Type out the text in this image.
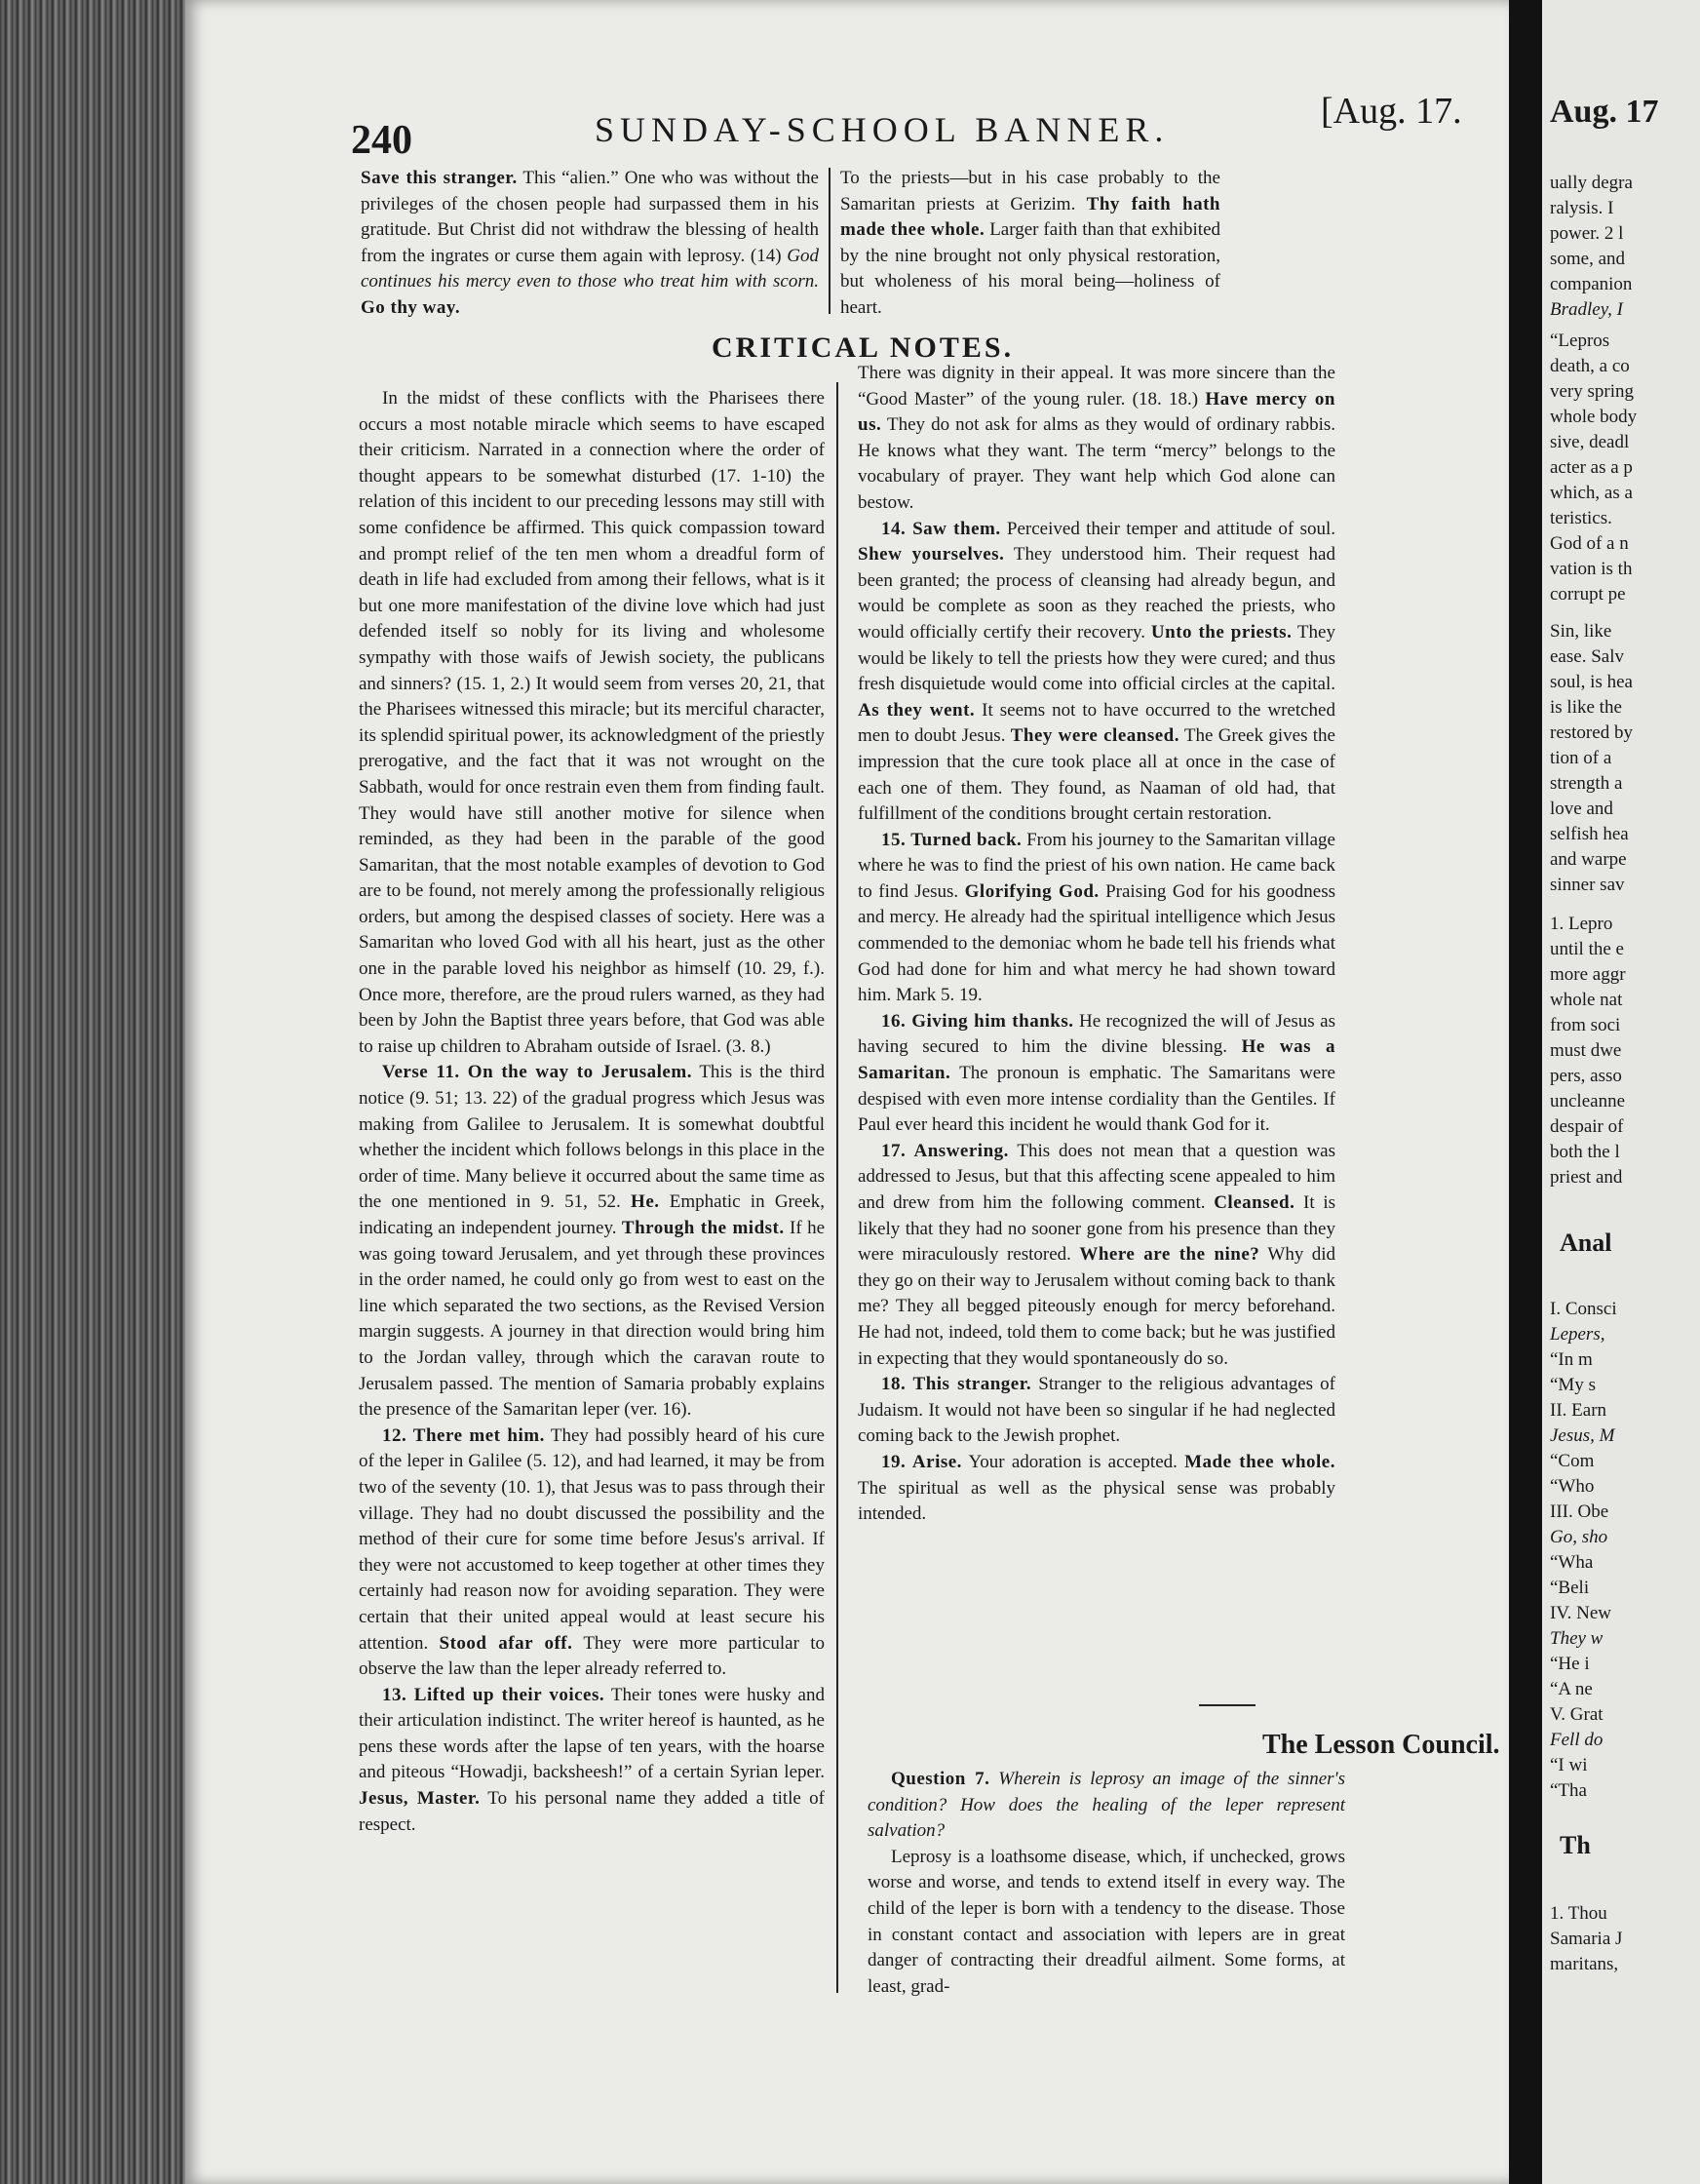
240	SUNDAY-SCHOOL BANNER.	[Aug. 17.

Save this stranger. This “alien.” One who was without the privileges of the chosen people had surpassed them in his gratitude. But Christ did not withdraw the blessing of health from the ingrates or curse them again with leprosy. (14) God continues his mercy even to those who treat him with scorn. Go thy way.

To the priests—but in his case probably to the Samaritan priests at Gerizim. Thy faith hath made thee whole. Larger faith than that exhibited by the nine brought not only physical restoration, but wholeness of his moral being—holiness of heart.

CRITICAL NOTES.

In the midst of these conflicts with the Pharisees there occurs a most notable miracle which seems to have escaped their criticism. Narrated in a connection where the order of thought appears to be somewhat disturbed (17. 1-10) the relation of this incident to our preceding lessons may still with some confidence be affirmed. This quick compassion toward and prompt relief of the ten men whom a dreadful form of death in life had excluded from among their fellows, what is it but one more manifestation of the divine love which had just defended itself so nobly for its living and wholesome sympathy with those waifs of Jewish society, the publicans and sinners? (15. 1, 2.) It would seem from verses 20, 21, that the Pharisees witnessed this miracle; but its merciful character, its splendid spiritual power, its acknowledgment of the priestly prerogative, and the fact that it was not wrought on the Sabbath, would for once restrain even them from finding fault. They would have still another motive for silence when reminded, as they had been in the parable of the good Samaritan, that the most notable examples of devotion to God are to be found, not merely among the professionally religious orders, but among the despised classes of society. Here was a Samaritan who loved God with all his heart, just as the other one in the parable loved his neighbor as himself (10. 29, f.). Once more, therefore, are the proud rulers warned, as they had been by John the Baptist three years before, that God was able to raise up children to Abraham outside of Israel. (3. 8.)

Verse 11. On the way to Jerusalem. This is the third notice (9. 51; 13. 22) of the gradual progress which Jesus was making from Galilee to Jerusalem. It is somewhat doubtful whether the incident which follows belongs in this place in the order of time. Many believe it occurred about the same time as the one mentioned in 9. 51, 52. He. Emphatic in Greek, indicating an independent journey. Through the midst. If he was going toward Jerusalem, and yet through these provinces in the order named, he could only go from west to east on the line which separated the two sections, as the Revised Version margin suggests. A journey in that direction would bring him to the Jordan valley, through which the caravan route to Jerusalem passed. The mention of Samaria probably explains the presence of the Samaritan leper (ver. 16).

12. There met him. They had possibly heard of his cure of the leper in Galilee (5. 12), and had learned, it may be from two of the seventy (10. 1), that Jesus was to pass through their village. They had no doubt discussed the possibility and the method of their cure for some time before Jesus's arrival. If they were not accustomed to keep together at other times they certainly had reason now for avoiding separation. They were certain that their united appeal would at least secure his attention. Stood afar off. They were more particular to observe the law than the leper already referred to.

13. Lifted up their voices. Their tones were husky and their articulation indistinct. The writer hereof is haunted, as he pens these words after the lapse of ten years, with the hoarse and piteous “Howadji, backsheesh!” of a certain Syrian leper. Jesus, Master. To his personal name they added a title of respect.

There was dignity in their appeal. It was more sincere than the “Good Master” of the young ruler. (18. 18.) Have mercy on us. They do not ask for alms as they would of ordinary rabbis. He knows what they want. The term “mercy” belongs to the vocabulary of prayer. They want help which God alone can bestow.

14. Saw them. Perceived their temper and attitude of soul. Shew yourselves. They understood him. Their request had been granted; the process of cleansing had already begun, and would be complete as soon as they reached the priests, who would officially certify their recovery. Unto the priests. They would be likely to tell the priests how they were cured; and thus fresh disquietude would come into official circles at the capital. As they went. It seems not to have occurred to the wretched men to doubt Jesus. They were cleansed. The Greek gives the impression that the cure took place all at once in the case of each one of them. They found, as Naaman of old had, that fulfillment of the conditions brought certain restoration.

15. Turned back. From his journey to the Samaritan village where he was to find the priest of his own nation. He came back to find Jesus. Glorifying God. Praising God for his goodness and mercy. He already had the spiritual intelligence which Jesus commended to the demoniac whom he bade tell his friends what God had done for him and what mercy he had shown toward him. Mark 5. 19.

16. Giving him thanks. He recognized the will of Jesus as having secured to him the divine blessing. He was a Samaritan. The pronoun is emphatic. The Samaritans were despised with even more intense cordiality than the Gentiles. If Paul ever heard this incident he would thank God for it.

17. Answering. This does not mean that a question was addressed to Jesus, but that this affecting scene appealed to him and drew from him the following comment. Cleansed. It is likely that they had no sooner gone from his presence than they were miraculously restored. Where are the nine? Why did they go on their way to Jerusalem without coming back to thank me? They all begged piteously enough for mercy beforehand. He had not, indeed, told them to come back; but he was justified in expecting that they would spontaneously do so.

18. This stranger. Stranger to the religious advantages of Judaism. It would not have been so singular if he had neglected coming back to the Jewish prophet.

19. Arise. Your adoration is accepted. Made thee whole. The spiritual as well as the physical sense was probably intended.

The Lesson Council.

Question 7. Wherein is leprosy an image of the sinner's condition? How does the healing of the leper represent salvation?

Leprosy is a loathsome disease, which, if unchecked, grows worse and worse, and tends to extend itself in every way. The child of the leper is born with a tendency to the disease. Those in constant contact and association with lepers are in great danger of contracting their dreadful ailment. Some forms, at least, grad-

Aug. 17
ually degra
ralysis. I
power. 2 l
some, and
companion
Bradley, I
“Lepros
death, a co
very spring
whole body
sive, deadl
acter as a p
which, as a
teristics.
God of a n
vation is th
corrupt pe
Sin, like
ease. Salv
soul, is hea
is like the
restored by
tion of a
strength a
love and
selfish hea
and warpe
sinner sav
1. Lepro
until the e
more aggr
whole nat
from soci
must dwe
pers, asso
uncleanne
despair of
both the l
priest and
Anal
I. Consci
Lepers,
“In m
“My s
II. Earn
Jesus, M
“Com
“Who
III. Obe
Go, sho
“Wha
“Beli
IV. New
They w
“He i
“A ne
V. Grat
Fell do
“I wi
“Tha
Th
1. Thou
Samaria J
maritans,
